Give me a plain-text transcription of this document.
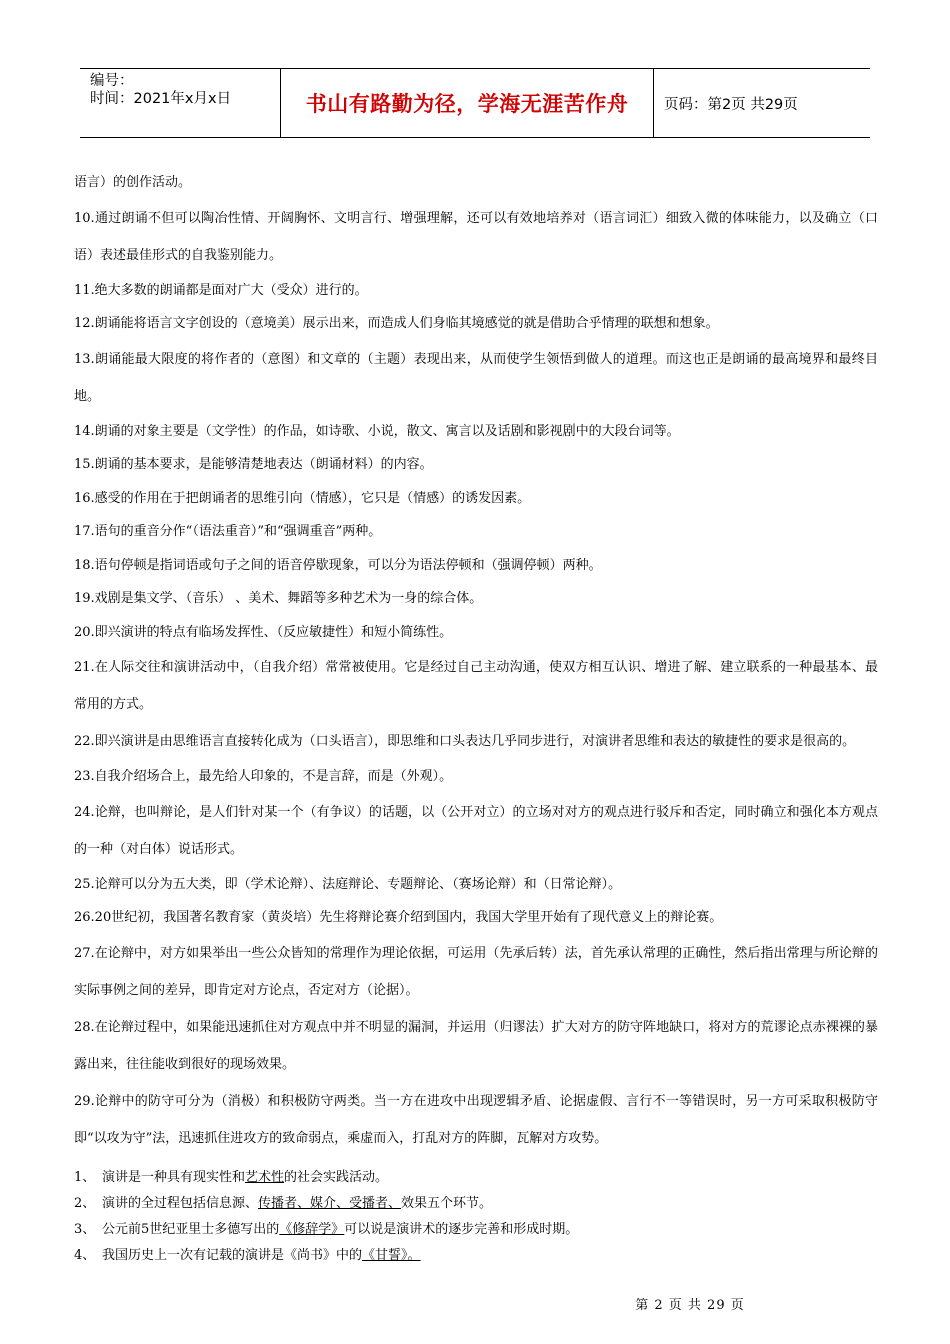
编号：
时间：2021年x月x日	书山有路勤为径，学海无涯苦作舟 页码：第2页 共29页

语言）的创作活动。

10.通过朗诵不但可以陶冶性情、开阔胸怀、文明言行、增强理解，还可以有效地培养对（语言词汇）细致入微的体味能力，以及确立（口语）表述最佳形式的自我鉴别能力。

11.绝大多数的朗诵都是面对广大（受众）进行的。

12.朗诵能将语言文字创设的（意境美）展示出来，而造成人们身临其境感觉的就是借助合乎情理的联想和想象。

13.朗诵能最大限度的将作者的（意图）和文章的（主题）表现出来，从而使学生领悟到做人的道理。而这也正是朗诵的最高境界和最终目地。

14.朗诵的对象主要是（文学性）的作品，如诗歌、小说，散文、寓言以及话剧和影视剧中的大段台词等。

15.朗诵的基本要求，是能够清楚地表达（朗诵材料）的内容。

16.感受的作用在于把朗诵者的思维引向（情感），它只是（情感）的诱发因素。

17.语句的重音分作“（语法重音）”和“强调重音”两种。

18.语句停顿是指词语或句子之间的语音停歇现象，可以分为语法停顿和（强调停顿）两种。

19.戏剧是集文学、（音乐） 、美术、舞蹈等多种艺术为一身的综合体。

20.即兴演讲的特点有临场发挥性、（反应敏捷性）和短小简练性。

21.在人际交往和演讲活动中，（自我介绍）常常被使用。它是经过自己主动沟通，使双方相互认识、增进了解、建立联系的一种最基本、最常用的方式。

22.即兴演讲是由思维语言直接转化成为（口头语言），即思维和口头表达几乎同步进行，对演讲者思维和表达的敏捷性的要求是很高的。

23.自我介绍场合上，最先给人印象的，不是言辞，而是（外观）。

24.论辩，也叫辩论，是人们针对某一个（有争议）的话题，以（公开对立）的立场对对方的观点进行驳斥和否定，同时确立和强化本方观点的一种（对白体）说话形式。

25.论辩可以分为五大类，即（学术论辩）、法庭辩论、专题辩论、（赛场论辩）和（日常论辩）。

26.20世纪初，我国著名教育家（黄炎培）先生将辩论赛介绍到国内，我国大学里开始有了现代意义上的辩论赛。

27.在论辩中，对方如果举出一些公众皆知的常理作为理论依据，可运用（先承后转）法，首先承认常理的正确性，然后指出常理与所论辩的实际事例之间的差异，即肯定对方论点，否定对方（论据）。

28.在论辩过程中，如果能迅速抓住对方观点中并不明显的漏洞，并运用（归谬法）扩大对方的防守阵地缺口，将对方的荒谬论点赤裸裸的暴露出来，往往能收到很好的现场效果。

29.论辩中的防守可分为（消极）和积极防守两类。当一方在进攻中出现逻辑矛盾、论据虚假、言行不一等错误时，另一方可采取积极防守即“以攻为守”法，迅速抓住进攻方的致命弱点，乘虚而入，打乱对方的阵脚，瓦解对方攻势。

1、 演讲是一种具有现实性和艺术性的社会实践活动。
2、 演讲的全过程包括信息源、传播者、媒介、受播者、效果五个环节。
3、 公元前5世纪亚里士多德写出的《修辞学》可以说是演讲术的逐步完善和形成时期。
4、 我国历史上一次有记载的演讲是《尚书》中的《甘誓》。
第 2 页 共 29 页
